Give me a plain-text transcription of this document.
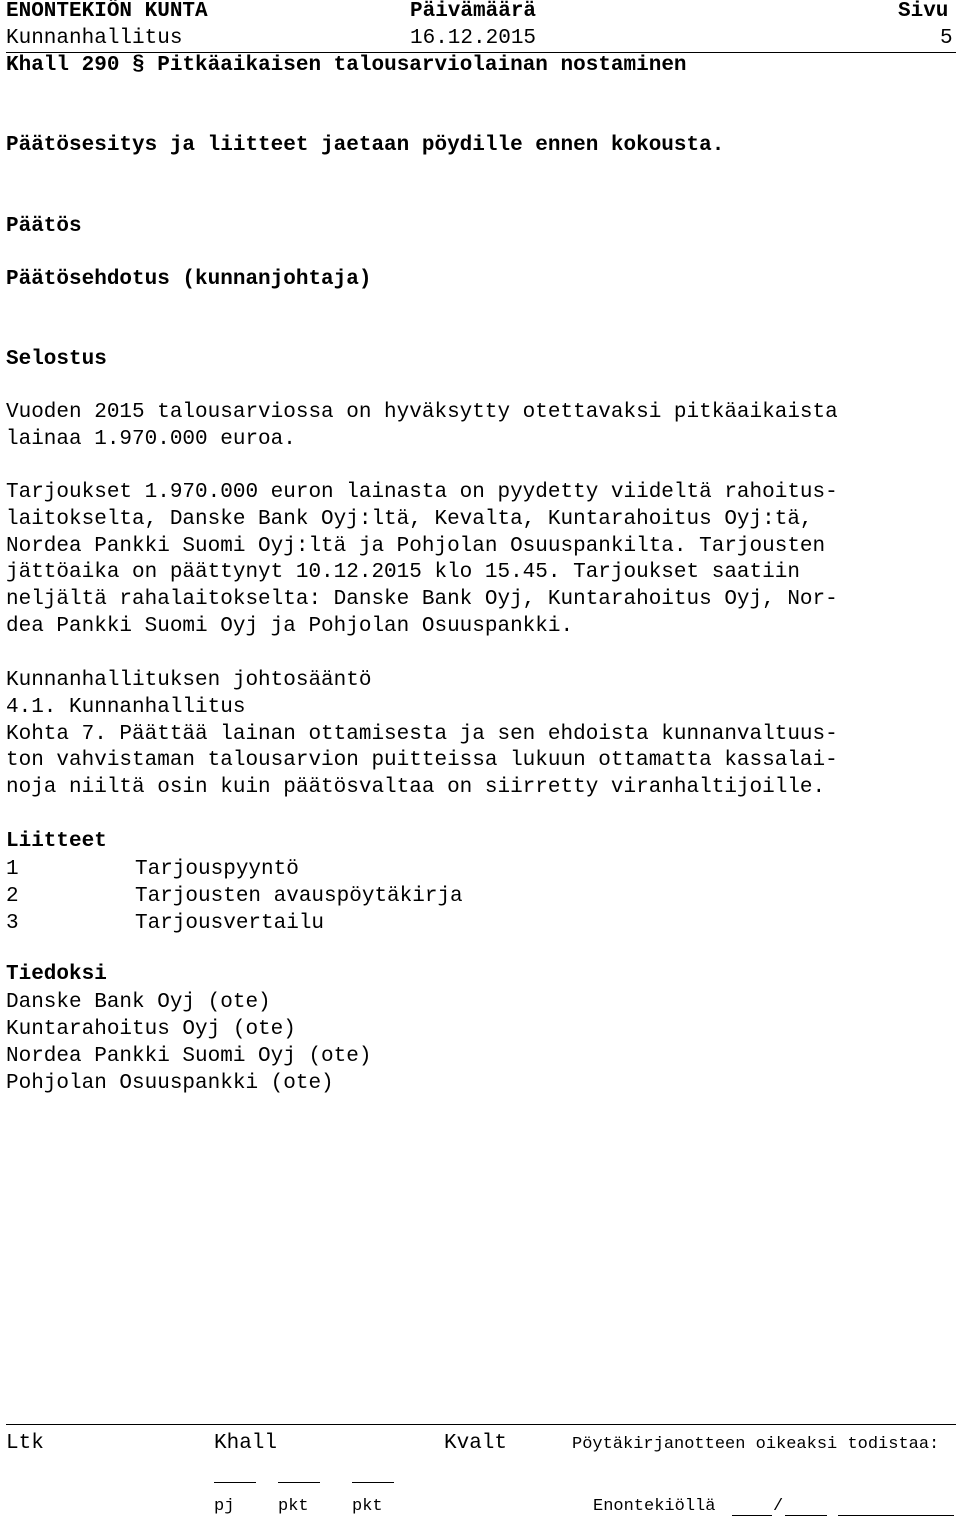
ENONTEKIÖN KUNTA	Päivämäärä	Sivu
Kunnanhallitus	16.12.2015	5
Khall 290 § Pitkäaikaisen talousarviolainan nostaminen
Päätösesitys ja liitteet jaetaan pöydille ennen kokousta.
Päätös
Päätösehdotus (kunnanjohtaja)
Selostus
Vuoden 2015 talousarviossa on hyväksytty otettavaksi pitkäaikaista
lainaa 1.970.000 euroa.
Tarjoukset 1.970.000 euron lainasta on pyydetty viideltä rahoitus-
laitokselta, Danske Bank Oyj:ltä, Kevalta, Kuntarahoitus Oyj:tä,
Nordea Pankki Suomi Oyj:ltä ja Pohjolan Osuuspankilta. Tarjousten
jättöaika on päättynyt 10.12.2015 klo 15.45. Tarjoukset saatiin
neljältä rahalaitokselta: Danske Bank Oyj, Kuntarahoitus Oyj, Nor-
dea Pankki Suomi Oyj ja Pohjolan Osuuspankki.
Kunnanhallituksen johtosääntö
4.1. Kunnanhallitus
Kohta 7. Päättää lainan ottamisesta ja sen ehdoista kunnanvaltuus-
ton vahvistaman talousarvion puitteissa lukuun ottamatta kassalai-
noja niiltä osin kuin päätösvaltaa on siirretty viranhaltijoille.
Liitteet
1	Tarjouspyyntö
2	Tarjousten avauspöytäkirja
3	Tarjousvertailu
Tiedoksi
Danske Bank Oyj (ote)
Kuntarahoitus Oyj (ote)
Nordea Pankki Suomi Oyj (ote)
Pohjolan Osuuspankki (ote)
Ltk	Khall	Kvalt	Pöytäkirjanotteen oikeaksi todistaa:
pj	pkt	pkt	Enontekiöllä	/
